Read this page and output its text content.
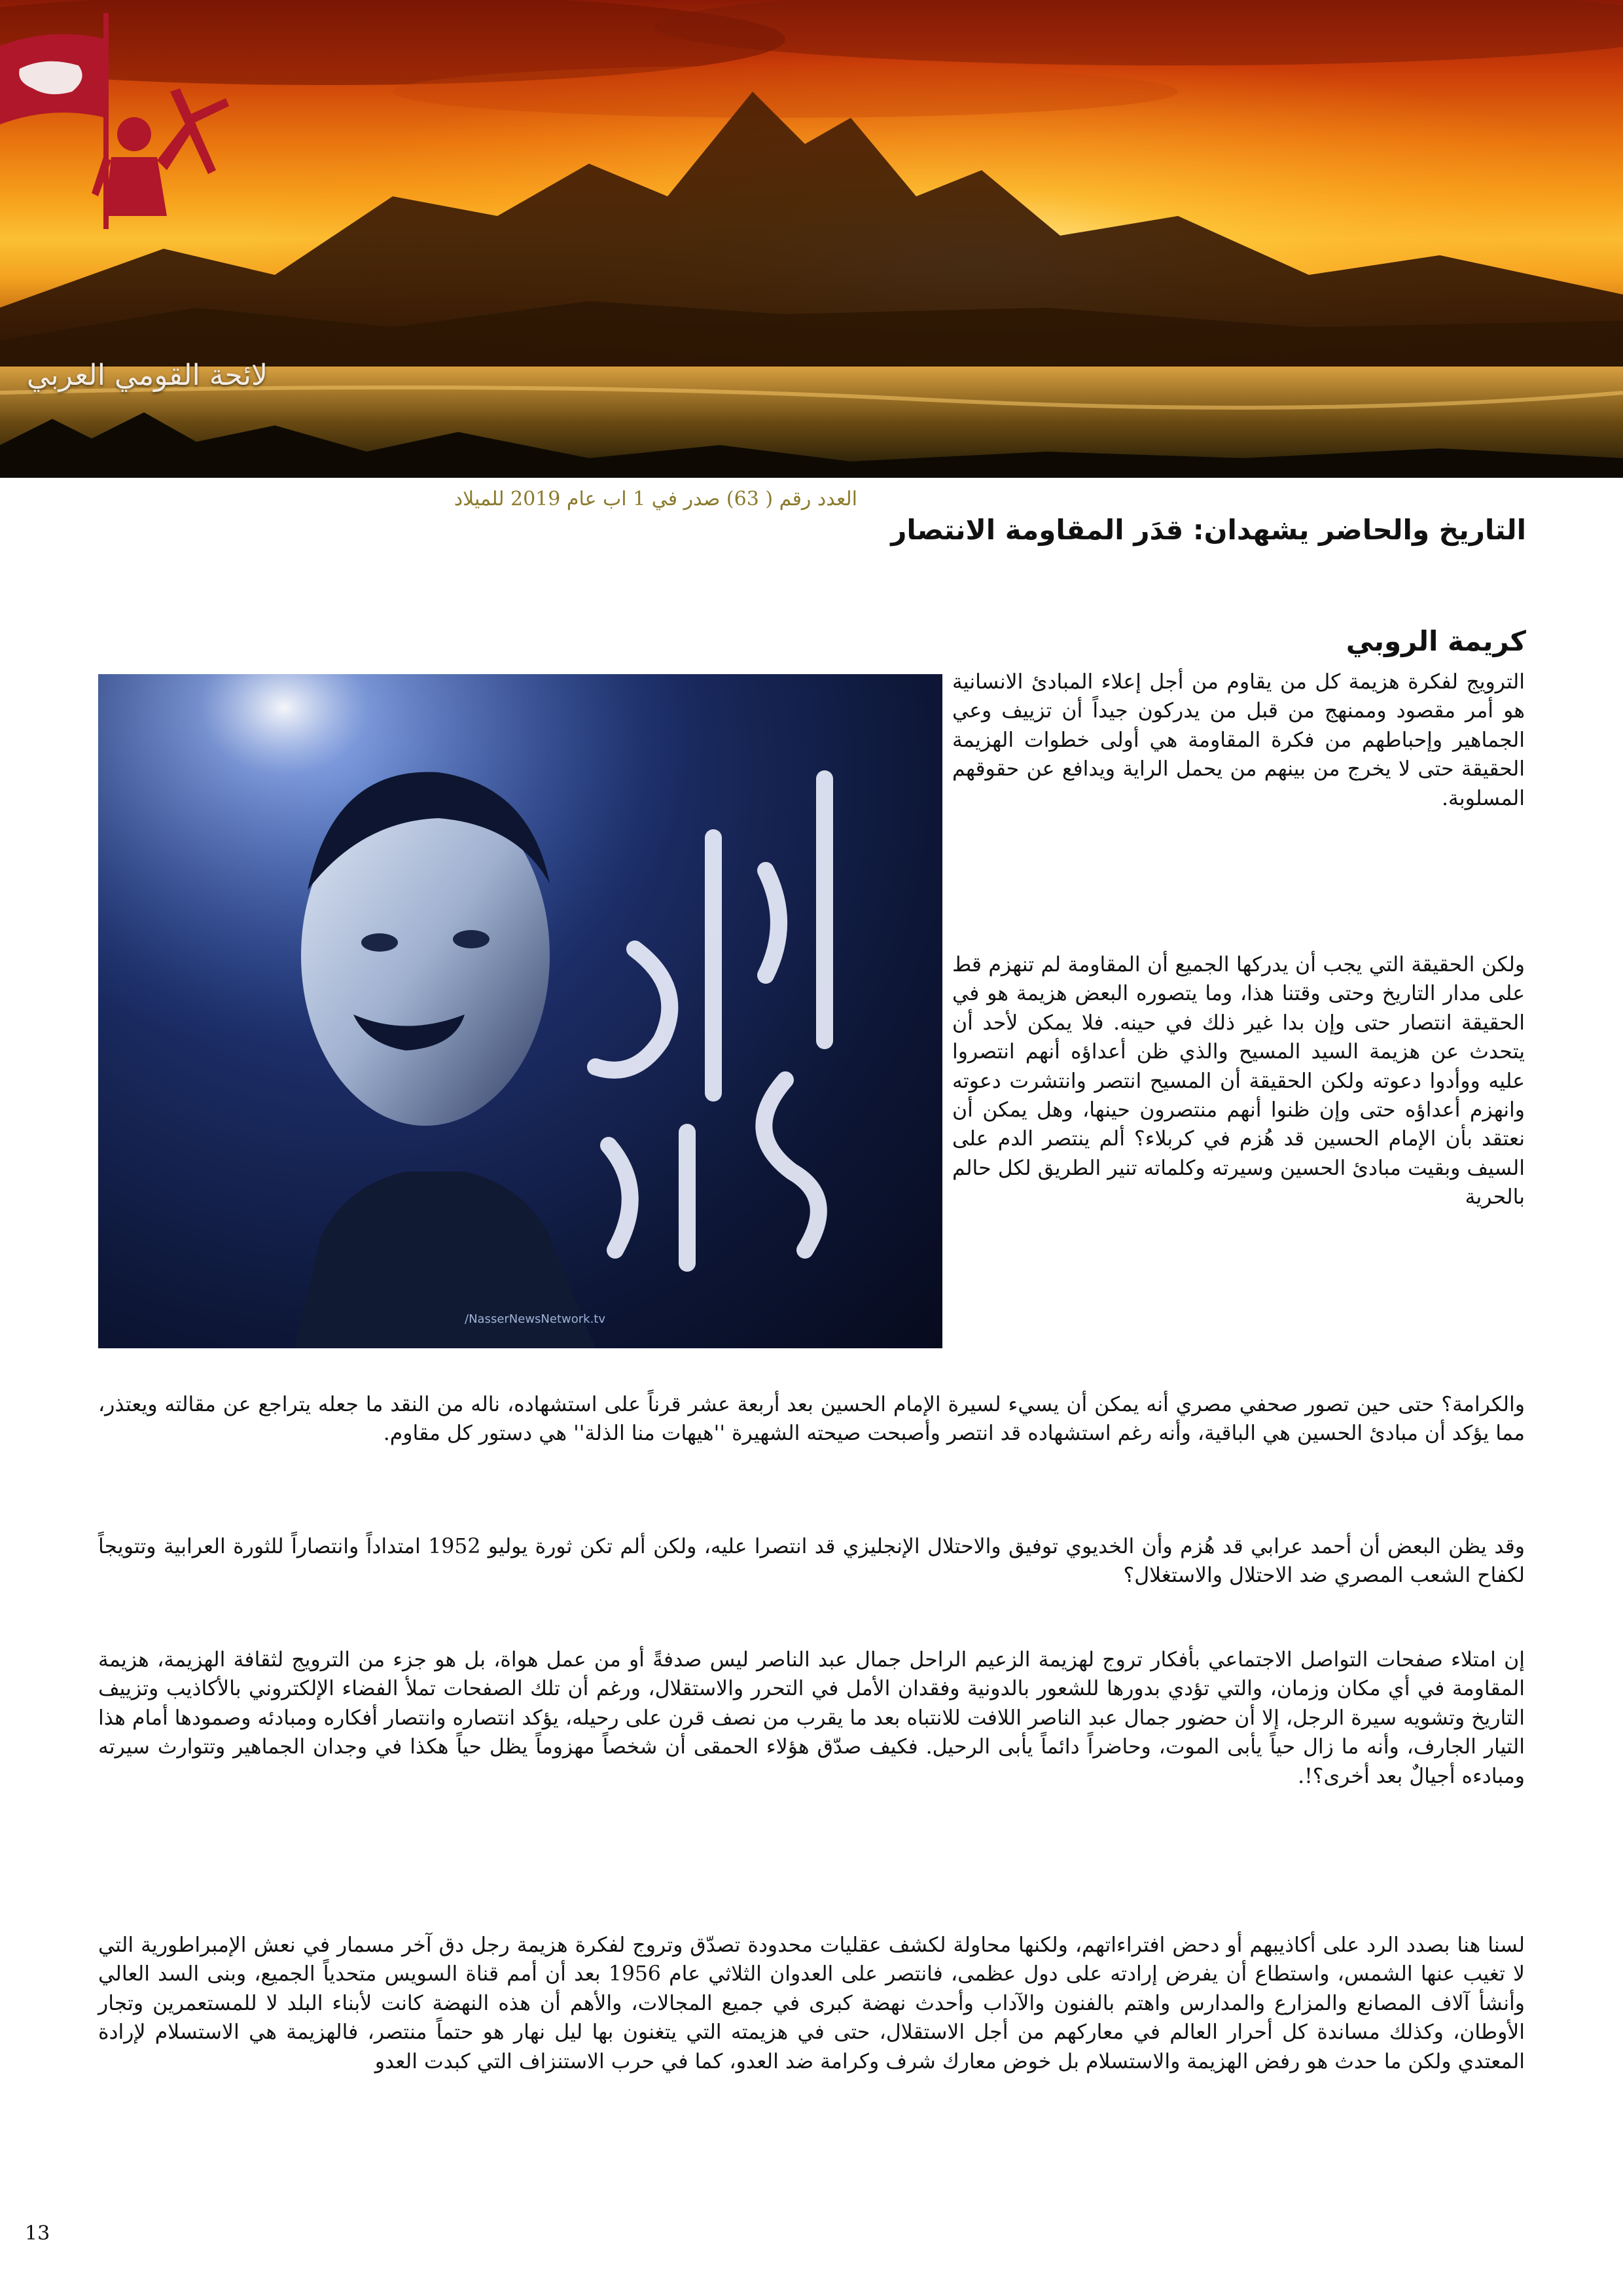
لائحة القومي العربي
العدد رقم ( 63) صدر في 1 اب عام 2019 للميلاد
التاريخ والحاضر يشهدان: قدَر المقاومة الانتصار
كريمة الروبي
/NasserNewsNetwork.tv
الترويج لفكرة هزيمة كل من يقاوم من أجل إعلاء المبادئ الانسانية هو أمر مقصود وممنهج من قبل من يدركون جيداً أن تزييف وعي الجماهير وإحباطهم من فكرة المقاومة هي أولى خطوات الهزيمة الحقيقة حتى لا يخرج من بينهم من يحمل الراية ويدافع عن حقوقهم المسلوبة.
ولكن الحقيقة التي يجب أن يدركها الجميع أن المقاومة لم تنهزم قط على مدار التاريخ وحتى وقتنا هذا، وما يتصوره البعض هزيمة هو في الحقيقة انتصار حتى وإن بدا غير ذلك في حينه. فلا يمكن لأحد أن يتحدث عن هزيمة السيد المسيح والذي ظن أعداؤه أنهم انتصروا عليه ووأدوا دعوته ولكن الحقيقة أن المسيح انتصر وانتشرت دعوته وانهزم أعداؤه حتى وإن ظنوا أنهم منتصرون حينها، وهل يمكن أن نعتقد بأن الإمام الحسين قد هُزم في كربلاء؟ ألم ينتصر الدم على السيف وبقيت مبادئ الحسين وسيرته وكلماته تنير الطريق لكل حالم بالحرية
والكرامة؟ حتى حين تصور صحفي مصري أنه يمكن أن يسيء لسيرة الإمام الحسين بعد أربعة عشر قرناً على استشهاده، ناله من النقد ما جعله يتراجع عن مقالته ويعتذر، مما يؤكد أن مبادئ الحسين هي الباقية، وأنه رغم استشهاده قد انتصر وأصبحت صيحته الشهيرة ''هيهات منا الذلة'' هي دستور كل مقاوم.
وقد يظن البعض أن أحمد عرابي قد هُزم وأن الخديوي توفيق والاحتلال الإنجليزي قد انتصرا عليه، ولكن ألم تكن ثورة يوليو 1952 امتداداً وانتصاراً للثورة العرابية وتتويجاً لكفاح الشعب المصري ضد الاحتلال والاستغلال؟
إن امتلاء صفحات التواصل الاجتماعي بأفكار تروج لهزيمة الزعيم الراحل جمال عبد الناصر ليس صدفةً أو من عمل هواة، بل هو جزء من الترويج لثقافة الهزيمة، هزيمة المقاومة في أي مكان وزمان، والتي تؤدي بدورها للشعور بالدونية وفقدان الأمل في التحرر والاستقلال، ورغم أن تلك الصفحات تملأ الفضاء الإلكتروني بالأكاذيب وتزييف التاريخ وتشويه سيرة الرجل، إلا أن حضور جمال عبد الناصر اللافت للانتباه بعد ما يقرب من نصف قرن على رحيله، يؤكد انتصاره وانتصار أفكاره ومبادئه وصمودها أمام هذا التيار الجارف، وأنه ما زال حياً يأبى الموت، وحاضراً دائماً يأبى الرحيل. فكيف صدّق هؤلاء الحمقى أن شخصاً مهزوماً يظل حياً هكذا في وجدان الجماهير وتتوارث سيرته ومبادءه أجيالٌ بعد أخرى؟!.
لسنا هنا بصدد الرد على أكاذيبهم أو دحض افتراءاتهم، ولكنها محاولة لكشف عقليات محدودة تصدّق وتروج لفكرة هزيمة رجل دق آخر مسمار في نعش الإمبراطورية التي لا تغيب عنها الشمس، واستطاع أن يفرض إرادته على دول عظمى، فانتصر على العدوان الثلاثي عام 1956 بعد أن أمم قناة السويس متحدياً الجميع، وبنى السد العالي وأنشأ آلاف المصانع والمزارع والمدارس واهتم بالفنون والآداب وأحدث نهضة كبرى في جميع المجالات، والأهم أن هذه النهضة كانت لأبناء البلد لا للمستعمرين وتجار الأوطان، وكذلك مساندة كل أحرار العالم في معاركهم من أجل الاستقلال، حتى في هزيمته التي يتغنون بها ليل نهار هو حتماً منتصر، فالهزيمة هي الاستسلام لإرادة المعتدي ولكن ما حدث هو رفض الهزيمة والاستسلام بل خوض معارك شرف وكرامة ضد العدو، كما في حرب الاستنزاف التي كبدت العدو
13
